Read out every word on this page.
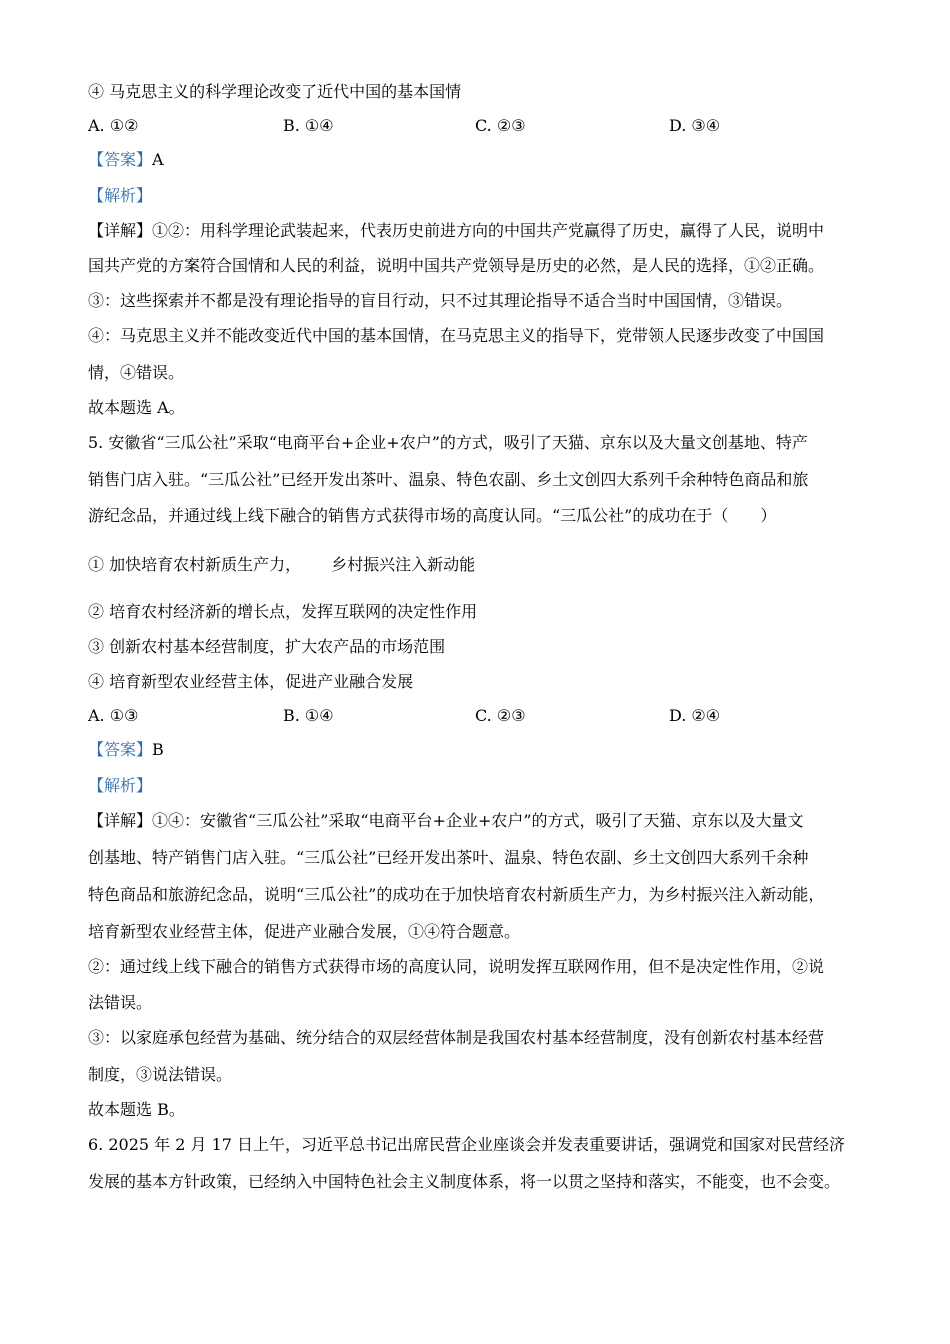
④ 马克思主义的科学理论改变了近代中国的基本国情
A. ①②	B. ①④	C. ②③	D. ③④
【答案】A
【解析】
【详解】①②：用科学理论武装起来，代表历史前进方向的中国共产党赢得了历史，赢得了人民，说明中
国共产党的方案符合国情和人民的利益，说明中国共产党领导是历史的必然，是人民的选择，①②正确。
③：这些探索并不都是没有理论指导的盲目行动，只不过其理论指导不适合当时中国国情，③错误。
④：马克思主义并不能改变近代中国的基本国情，在马克思主义的指导下，党带领人民逐步改变了中国国
情，④错误。
故本题选 A。
5. 安徽省“三瓜公社”采取“电商平台+企业+农户”的方式，吸引了天猫、京东以及大量文创基地、特产
销售门店入驻。“三瓜公社”已经开发出茶叶、温泉、特色农副、乡土文创四大系列千余种特色商品和旅
游纪念品，并通过线上线下融合的销售方式获得市场的高度认同。“三瓜公社”的成功在于（　　）
① 加快培育农村新质生产力， 乡村振兴注入新动能
② 培育农村经济新的增长点，发挥互联网的决定性作用
③ 创新农村基本经营制度，扩大农产品的市场范围
④ 培育新型农业经营主体，促进产业融合发展
A. ①③	B. ①④	C. ②③	D. ②④
【答案】B
【解析】
【详解】①④：安徽省“三瓜公社”采取“电商平台+企业+农户”的方式，吸引了天猫、京东以及大量文
创基地、特产销售门店入驻。“三瓜公社”已经开发出茶叶、温泉、特色农副、乡土文创四大系列千余种
特色商品和旅游纪念品，说明“三瓜公社”的成功在于加快培育农村新质生产力，为乡村振兴注入新动能，
培育新型农业经营主体，促进产业融合发展，①④符合题意。
②：通过线上线下融合的销售方式获得市场的高度认同，说明发挥互联网作用，但不是决定性作用，②说
法错误。
③：以家庭承包经营为基础、统分结合的双层经营体制是我国农村基本经营制度，没有创新农村基本经营
制度，③说法错误。
故本题选 B。
6. 2025 年 2 月 17 日上午，习近平总书记出席民营企业座谈会并发表重要讲话，强调党和国家对民营经济
发展的基本方针政策，已经纳入中国特色社会主义制度体系，将一以贯之坚持和落实，不能变，也不会变。
